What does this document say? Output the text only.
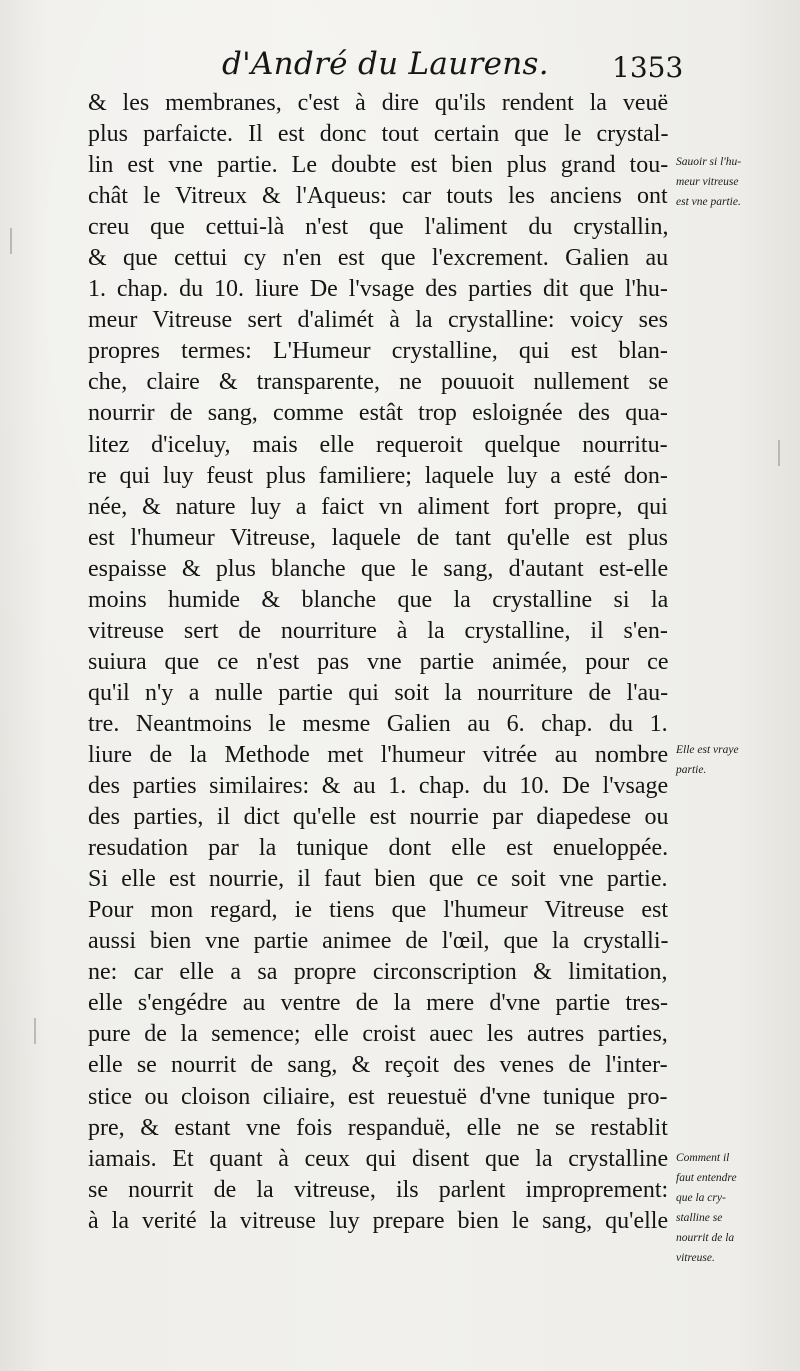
d'André du Laurens. 1353
& les membranes, c'est à dire qu'ils rendent la veuë
plus parfaicte. Il est donc tout certain que le crystal-
lin est vne partie. Le doubte est bien plus grand tou-
chât le Vitreux & l'Aqueus: car touts les anciens ont
creu que cettui-là n'est que l'aliment du crystallin,
& que cettui cy n'en est que l'excrement. Galien au
1. chap. du 10. liure De l'vsage des parties dit que l'hu-
meur Vitreuse sert d'alimét à la crystalline: voicy ses
propres termes: L'Humeur crystalline, qui est blan-
che, claire & transparente, ne pouuoit nullement se
nourrir de sang, comme estât trop esloignée des qua-
litez d'iceluy, mais elle requeroit quelque nourritu-
re qui luy feust plus familiere; laquele luy a esté don-
née, & nature luy a faict vn aliment fort propre, qui
est l'humeur Vitreuse, laquele de tant qu'elle est plus
espaisse & plus blanche que le sang, d'autant est-elle
moins humide & blanche que la crystalline si la
vitreuse sert de nourriture à la crystalline, il s'en-
suiura que ce n'est pas vne partie animée, pour ce
qu'il n'y a nulle partie qui soit la nourriture de l'au-
tre. Neantmoins le mesme Galien au 6. chap. du 1.
liure de la Methode met l'humeur vitrée au nombre
des parties similaires: & au 1. chap. du 10. De l'vsage
des parties, il dict qu'elle est nourrie par diapedese ou
resudation par la tunique dont elle est enueloppée.
Si elle est nourrie, il faut bien que ce soit vne partie.
Pour mon regard, ie tiens que l'humeur Vitreuse est
aussi bien vne partie animee de l'œil, que la crystalli-
ne: car elle a sa propre circonscription & limitation,
elle s'engédre au ventre de la mere d'vne partie tres-
pure de la semence; elle croist auec les autres parties,
elle se nourrit de sang, & reçoit des venes de l'inter-
stice ou cloison ciliaire, est reuestuë d'vne tunique pro-
pre, & estant vne fois respanduë, elle ne se restablit
iamais. Et quant à ceux qui disent que la crystalline
se nourrit de la vitreuse, ils parlent improprement:
à la verité la vitreuse luy prepare bien le sang, qu'elle
Sauoir si l'hu-
meur vitreuse
est vne partie.
Elle est vraye
partie.
Comment il
faut entendre
que la cry-
stalline se
nourrit de la
vitreuse.
